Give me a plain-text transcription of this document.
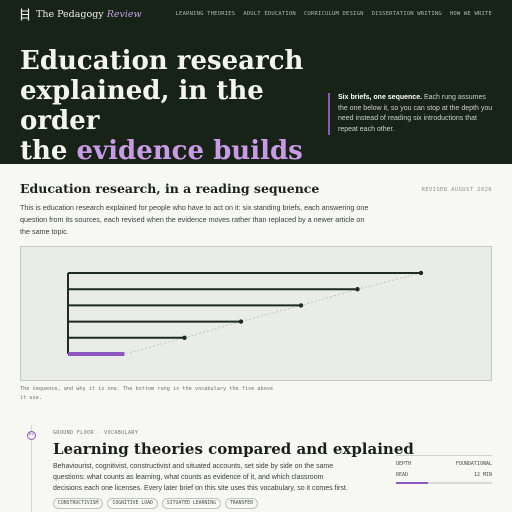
The Pedagogy Review	LEARNING THEORIES ADULT EDUCATION CURRICULUM DESIGN DISSERTATION WRITING HOW WE WRITE
Education research
explained, in the order
the evidence builds

Six briefs, one sequence. Each rung assumes the one below it, so you can stop at the depth you need instead of reading six introductions that repeat each other.

Education research, in a reading sequence	REVISED AUGUST 2026

This is education research explained for people who have to act on it: six standing briefs, each answering one question from its sources, each revised when the evidence moves rather than replaced by a newer article on the same topic.

The sequence, and why it is one. The bottom rung is the vocabulary the five above it use.

01	GROUND FLOOR · VOCABULARY
Learning theories compared and explained

Behaviourist, cognitivist, constructivist and situated accounts, set side by side on the same questions: what counts as learning, what counts as evidence of it, and which classroom decisions each one licenses. Every later brief on this site uses this vocabulary, so it comes first.

CONSTRUCTIVISM	COGNITIVE LOAD	SITUATED LEARNING	TRANSFER
DEPTH	FOUNDATIONAL
READ	12 MIN
